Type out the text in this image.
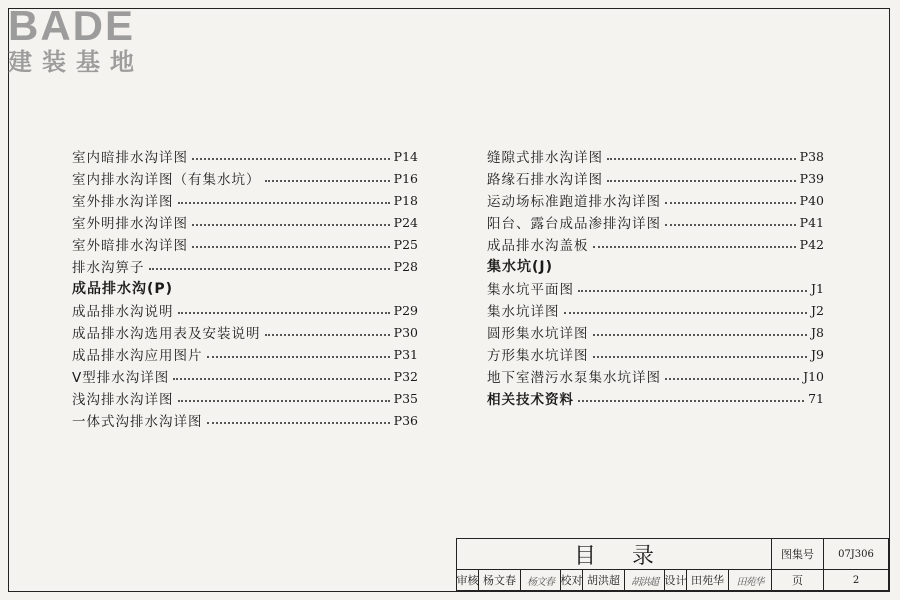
BADE
建装基地
室内暗排水沟详图	P14
室内排水沟详图（有集水坑）	P16
室外排水沟详图	P18
室外明排水沟详图	P24
室外暗排水沟详图	P25
排水沟箅子	P28
成品排水沟(P)
成品排水沟说明	P29
成品排水沟选用表及安装说明	P30
成品排水沟应用图片	P31
V型排水沟详图	P32
浅沟排水沟详图	P35
一体式沟排水沟详图	P36
缝隙式排水沟详图	P38
路缘石排水沟详图	P39
运动场标准跑道排水沟详图	P40
阳台、露台成品渗排沟详图	P41
成品排水沟盖板	P42
集水坑(J)
集水坑平面图	J1
集水坑详图	J2
圆形集水坑详图	J8
方形集水坑详图	J9
地下室潜污水泵集水坑详图	J10
相关技术资料	71
目录	图集号	07J306
审核 杨文春	杨文春 校对 胡洪超	胡洪超 设计 田苑华	田苑华	页	2
